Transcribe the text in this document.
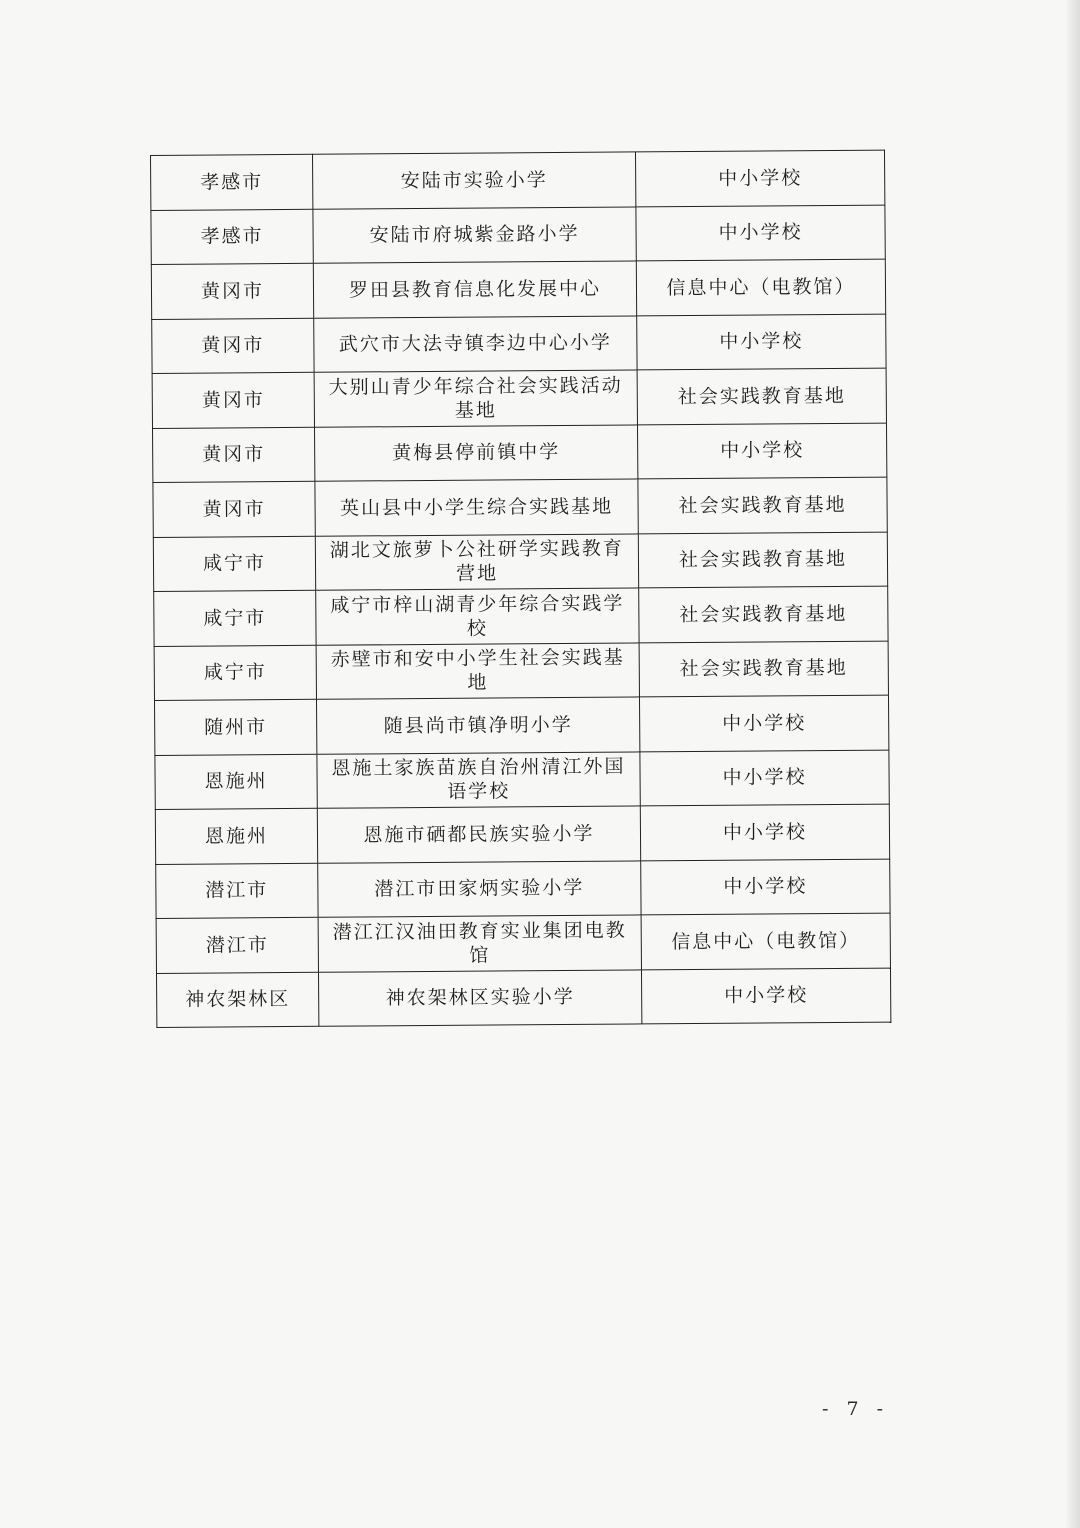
孝感市	安陆市实验小学	中小学校
孝感市	安陆市府城紫金路小学	中小学校
黄冈市	罗田县教育信息化发展中心	信息中心（电教馆）
黄冈市	武穴市大法寺镇李边中心小学	中小学校
黄冈市	大别山青少年综合社会实践活动基地	社会实践教育基地
黄冈市	黄梅县停前镇中学	中小学校
黄冈市	英山县中小学生综合实践基地	社会实践教育基地
咸宁市	湖北文旅萝卜公社研学实践教育营地	社会实践教育基地
咸宁市	咸宁市梓山湖青少年综合实践学校	社会实践教育基地
咸宁市	赤壁市和安中小学生社会实践基地	社会实践教育基地
随州市	随县尚市镇净明小学	中小学校
恩施州	恩施土家族苗族自治州清江外国语学校	中小学校
恩施州	恩施市硒都民族实验小学	中小学校
潜江市	潜江市田家炳实验小学	中小学校
潜江市	潜江江汉油田教育实业集团电教馆	信息中心（电教馆）
神农架林区	神农架林区实验小学	中小学校
- 7 -
